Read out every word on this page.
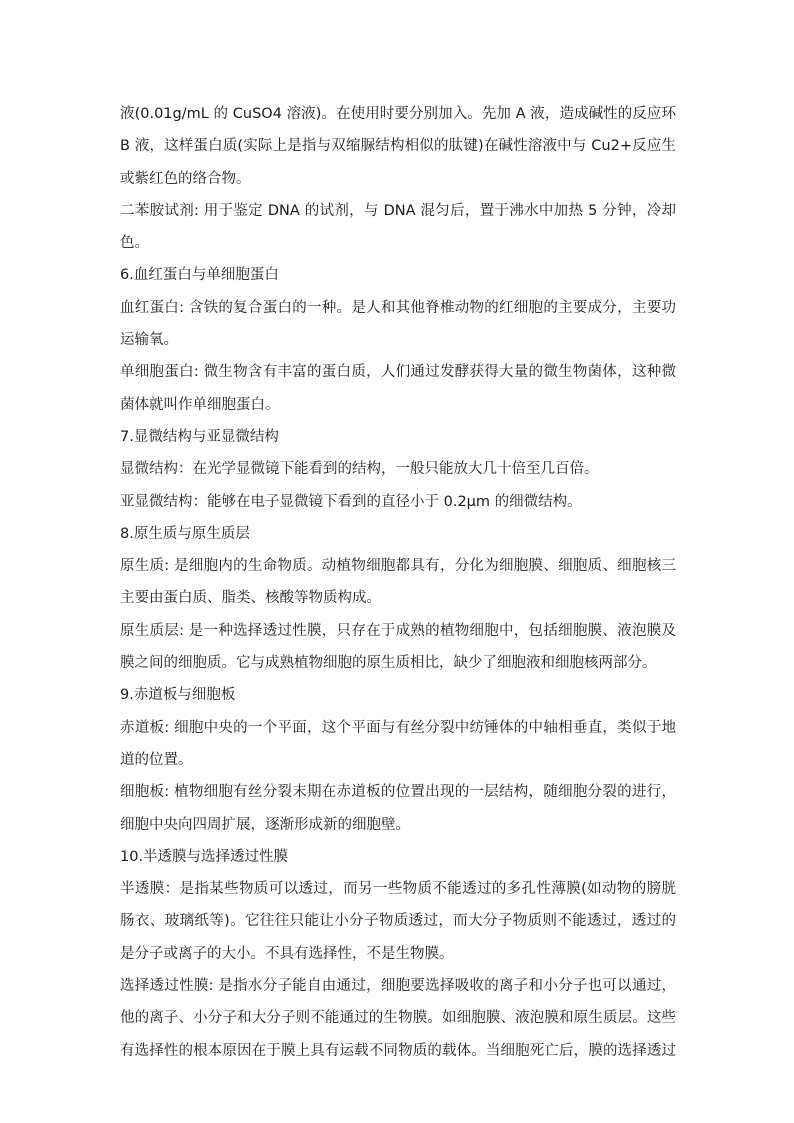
液(0.01g/mL 的 CuSO4 溶液)。在使用时要分别加入。先加 A 液，造成碱性的反应环
B 液，这样蛋白质(实际上是指与双缩脲结构相似的肽键)在碱性溶液中与 Cu2+反应生
或紫红色的络合物。
二苯胺试剂: 用于鉴定 DNA 的试剂，与 DNA 混匀后，置于沸水中加热 5 分钟，冷却
色。
6.血红蛋白与单细胞蛋白
血红蛋白: 含铁的复合蛋白的一种。是人和其他脊椎动物的红细胞的主要成分，主要功
运输氧。
单细胞蛋白: 微生物含有丰富的蛋白质，人们通过发酵获得大量的微生物菌体，这种微
菌体就叫作单细胞蛋白。
7.显微结构与亚显微结构
显微结构：在光学显微镜下能看到的结构，一般只能放大几十倍至几百倍。
亚显微结构：能够在电子显微镜下看到的直径小于 0.2μm 的细微结构。
8.原生质与原生质层
原生质: 是细胞内的生命物质。动植物细胞都具有，分化为细胞膜、细胞质、细胞核三
主要由蛋白质、脂类、核酸等物质构成。
原生质层: 是一种选择透过性膜，只存在于成熟的植物细胞中，包括细胞膜、液泡膜及
膜之间的细胞质。它与成熟植物细胞的原生质相比，缺少了细胞液和细胞核两部分。
9.赤道板与细胞板
赤道板: 细胞中央的一个平面，这个平面与有丝分裂中纺锤体的中轴相垂直，类似于地
道的位置。
细胞板: 植物细胞有丝分裂末期在赤道板的位置出现的一层结构，随细胞分裂的进行，
细胞中央向四周扩展，逐渐形成新的细胞壁。
10.半透膜与选择透过性膜
半透膜：是指某些物质可以透过，而另一些物质不能透过的多孔性薄膜(如动物的膀胱
肠衣、玻璃纸等)。它往往只能让小分子物质透过，而大分子物质则不能透过，透过的
是分子或离子的大小。不具有选择性，不是生物膜。
选择透过性膜: 是指水分子能自由通过，细胞要选择吸收的离子和小分子也可以通过，
他的离子、小分子和大分子则不能通过的生物膜。如细胞膜、液泡膜和原生质层。这些
有选择性的根本原因在于膜上具有运载不同物质的载体。当细胞死亡后，膜的选择透过
